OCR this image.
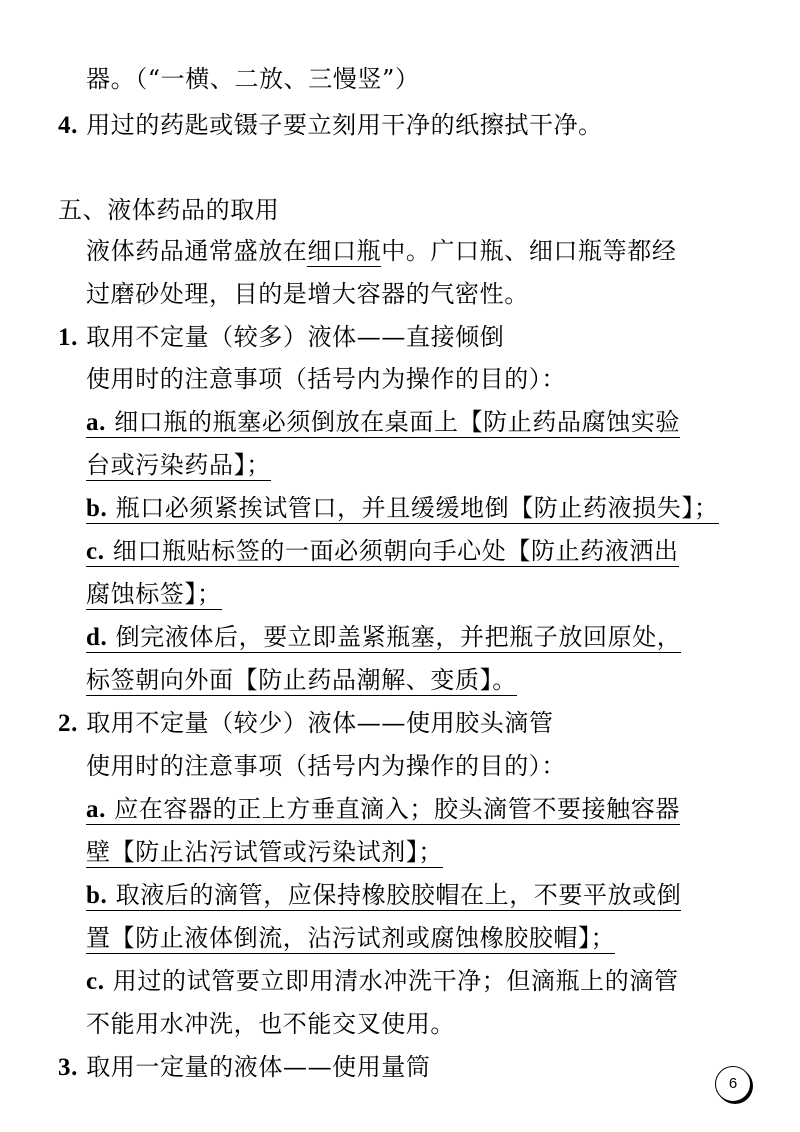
器。（“一横、二放、三慢竖”）
4. 用过的药匙或镊子要立刻用干净的纸擦拭干净。
五、液体药品的取用
液体药品通常盛放在细口瓶中。广口瓶、细口瓶等都经
过磨砂处理，目的是增大容器的气密性。
1. 取用不定量（较多）液体——直接倾倒
使用时的注意事项（括号内为操作的目的）：
a. 细口瓶的瓶塞必须倒放在桌面上【防止药品腐蚀实验
台或污染药品】；
b. 瓶口必须紧挨试管口，并且缓缓地倒【防止药液损失】；
c. 细口瓶贴标签的一面必须朝向手心处【防止药液洒出
腐蚀标签】；
d. 倒完液体后，要立即盖紧瓶塞，并把瓶子放回原处，
标签朝向外面【防止药品潮解、变质】。
2. 取用不定量（较少）液体——使用胶头滴管
使用时的注意事项（括号内为操作的目的）：
a. 应在容器的正上方垂直滴入；胶头滴管不要接触容器
壁【防止沾污试管或污染试剂】；
b. 取液后的滴管，应保持橡胶胶帽在上，不要平放或倒
置【防止液体倒流，沾污试剂或腐蚀橡胶胶帽】；
c. 用过的试管要立即用清水冲洗干净；但滴瓶上的滴管
不能用水冲洗，也不能交叉使用。
3. 取用一定量的液体——使用量筒
6
